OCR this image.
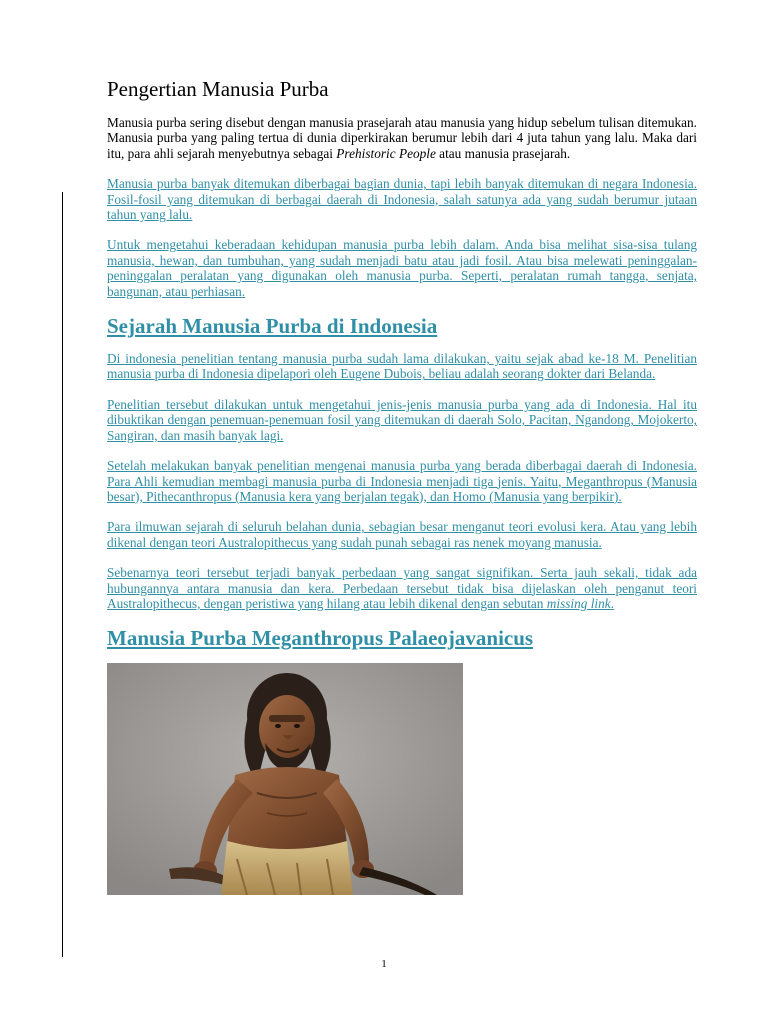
Pengertian Manusia Purba

Manusia purba sering disebut dengan manusia prasejarah atau manusia yang hidup sebelum tulisan ditemukan. Manusia purba yang paling tertua di dunia diperkirakan berumur lebih dari 4 juta tahun yang lalu. Maka dari itu, para ahli sejarah menyebutnya sebagai Prehistoric People atau manusia prasejarah.

Manusia purba banyak ditemukan diberbagai bagian dunia, tapi lebih banyak ditemukan di negara Indonesia. Fosil-fosil yang ditemukan di berbagai daerah di Indonesia, salah satunya ada yang sudah berumur jutaan tahun yang lalu.

Untuk mengetahui keberadaan kehidupan manusia purba lebih dalam. Anda bisa melihat sisa-sisa tulang manusia, hewan, dan tumbuhan, yang sudah menjadi batu atau jadi fosil. Atau bisa melewati peninggalan-peninggalan peralatan yang digunakan oleh manusia purba. Seperti, peralatan rumah tangga, senjata, bangunan, atau perhiasan.

Sejarah Manusia Purba di Indonesia

Di indonesia penelitian tentang manusia purba sudah lama dilakukan, yaitu sejak abad ke-18 M. Penelitian manusia purba di Indonesia dipelapori oleh Eugene Dubois, beliau adalah seorang dokter dari Belanda.

Penelitian tersebut dilakukan untuk mengetahui jenis-jenis manusia purba yang ada di Indonesia. Hal itu dibuktikan dengan penemuan-penemuan fosil yang ditemukan di daerah Solo, Pacitan, Ngandong, Mojokerto, Sangiran, dan masih banyak lagi.

Setelah melakukan banyak penelitian mengenai manusia purba yang berada diberbagai daerah di Indonesia. Para Ahli kemudian membagi manusia purba di Indonesia menjadi tiga jenis. Yaitu, Meganthropus (Manusia besar), Pithecanthropus (Manusia kera yang berjalan tegak), dan Homo (Manusia yang berpikir).

Para ilmuwan sejarah di seluruh belahan dunia, sebagian besar menganut teori evolusi kera. Atau yang lebih dikenal dengan teori Australopithecus yang sudah punah sebagai ras nenek moyang manusia.

Sebenarnya teori tersebut terjadi banyak perbedaan yang sangat signifikan. Serta jauh sekali, tidak ada hubungannya antara manusia dan kera. Perbedaan tersebut tidak bisa dijelaskan oleh penganut teori Australopithecus, dengan peristiwa yang hilang atau lebih dikenal dengan sebutan missing link.

Manusia Purba Meganthropus Palaeojavanicus
1
